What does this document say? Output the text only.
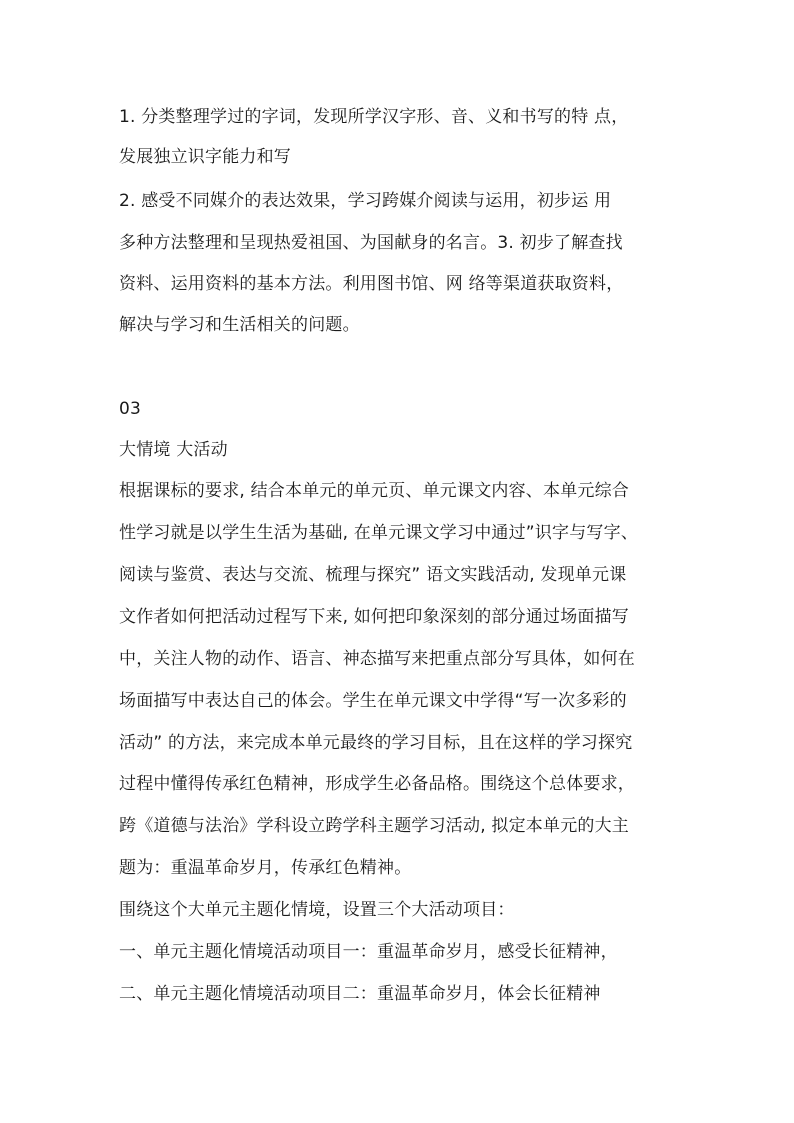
1. 分类整理学过的字词，发现所学汉字形、音、义和书写的特 点，
发展独立识字能力和写
2. 感受不同媒介的表达效果，学习跨媒介阅读与运用，初步运 用
多种方法整理和呈现热爱祖国、为国献身的名言。3. 初步了解查找
资料、运用资料的基本方法。利用图书馆、网 络等渠道获取资料，
解决与学习和生活相关的问题。
03
大情境 大活动
根据课标的要求, 结合本单元的单元页、单元课文内容、本单元综合
性学习就是以学生生活为基础, 在单元课文学习中通过”识字与写字、
阅读与鉴赏、表达与交流、梳理与探究” 语文实践活动, 发现单元课
文作者如何把活动过程写下来, 如何把印象深刻的部分通过场面描写
中，关注人物的动作、语言、神态描写来把重点部分写具体，如何在
场面描写中表达自己的体会。学生在单元课文中学得“写一次多彩的
活动” 的方法，来完成本单元最终的学习目标，且在这样的学习探究
过程中懂得传承红色精神，形成学生必备品格。围绕这个总体要求，
跨《道德与法治》学科设立跨学科主题学习活动, 拟定本单元的大主
题为：重温革命岁月，传承红色精神。
围绕这个大单元主题化情境，设置三个大活动项目：
一、单元主题化情境活动项目一：重温革命岁月，感受长征精神，
二、单元主题化情境活动项目二：重温革命岁月，体会长征精神
